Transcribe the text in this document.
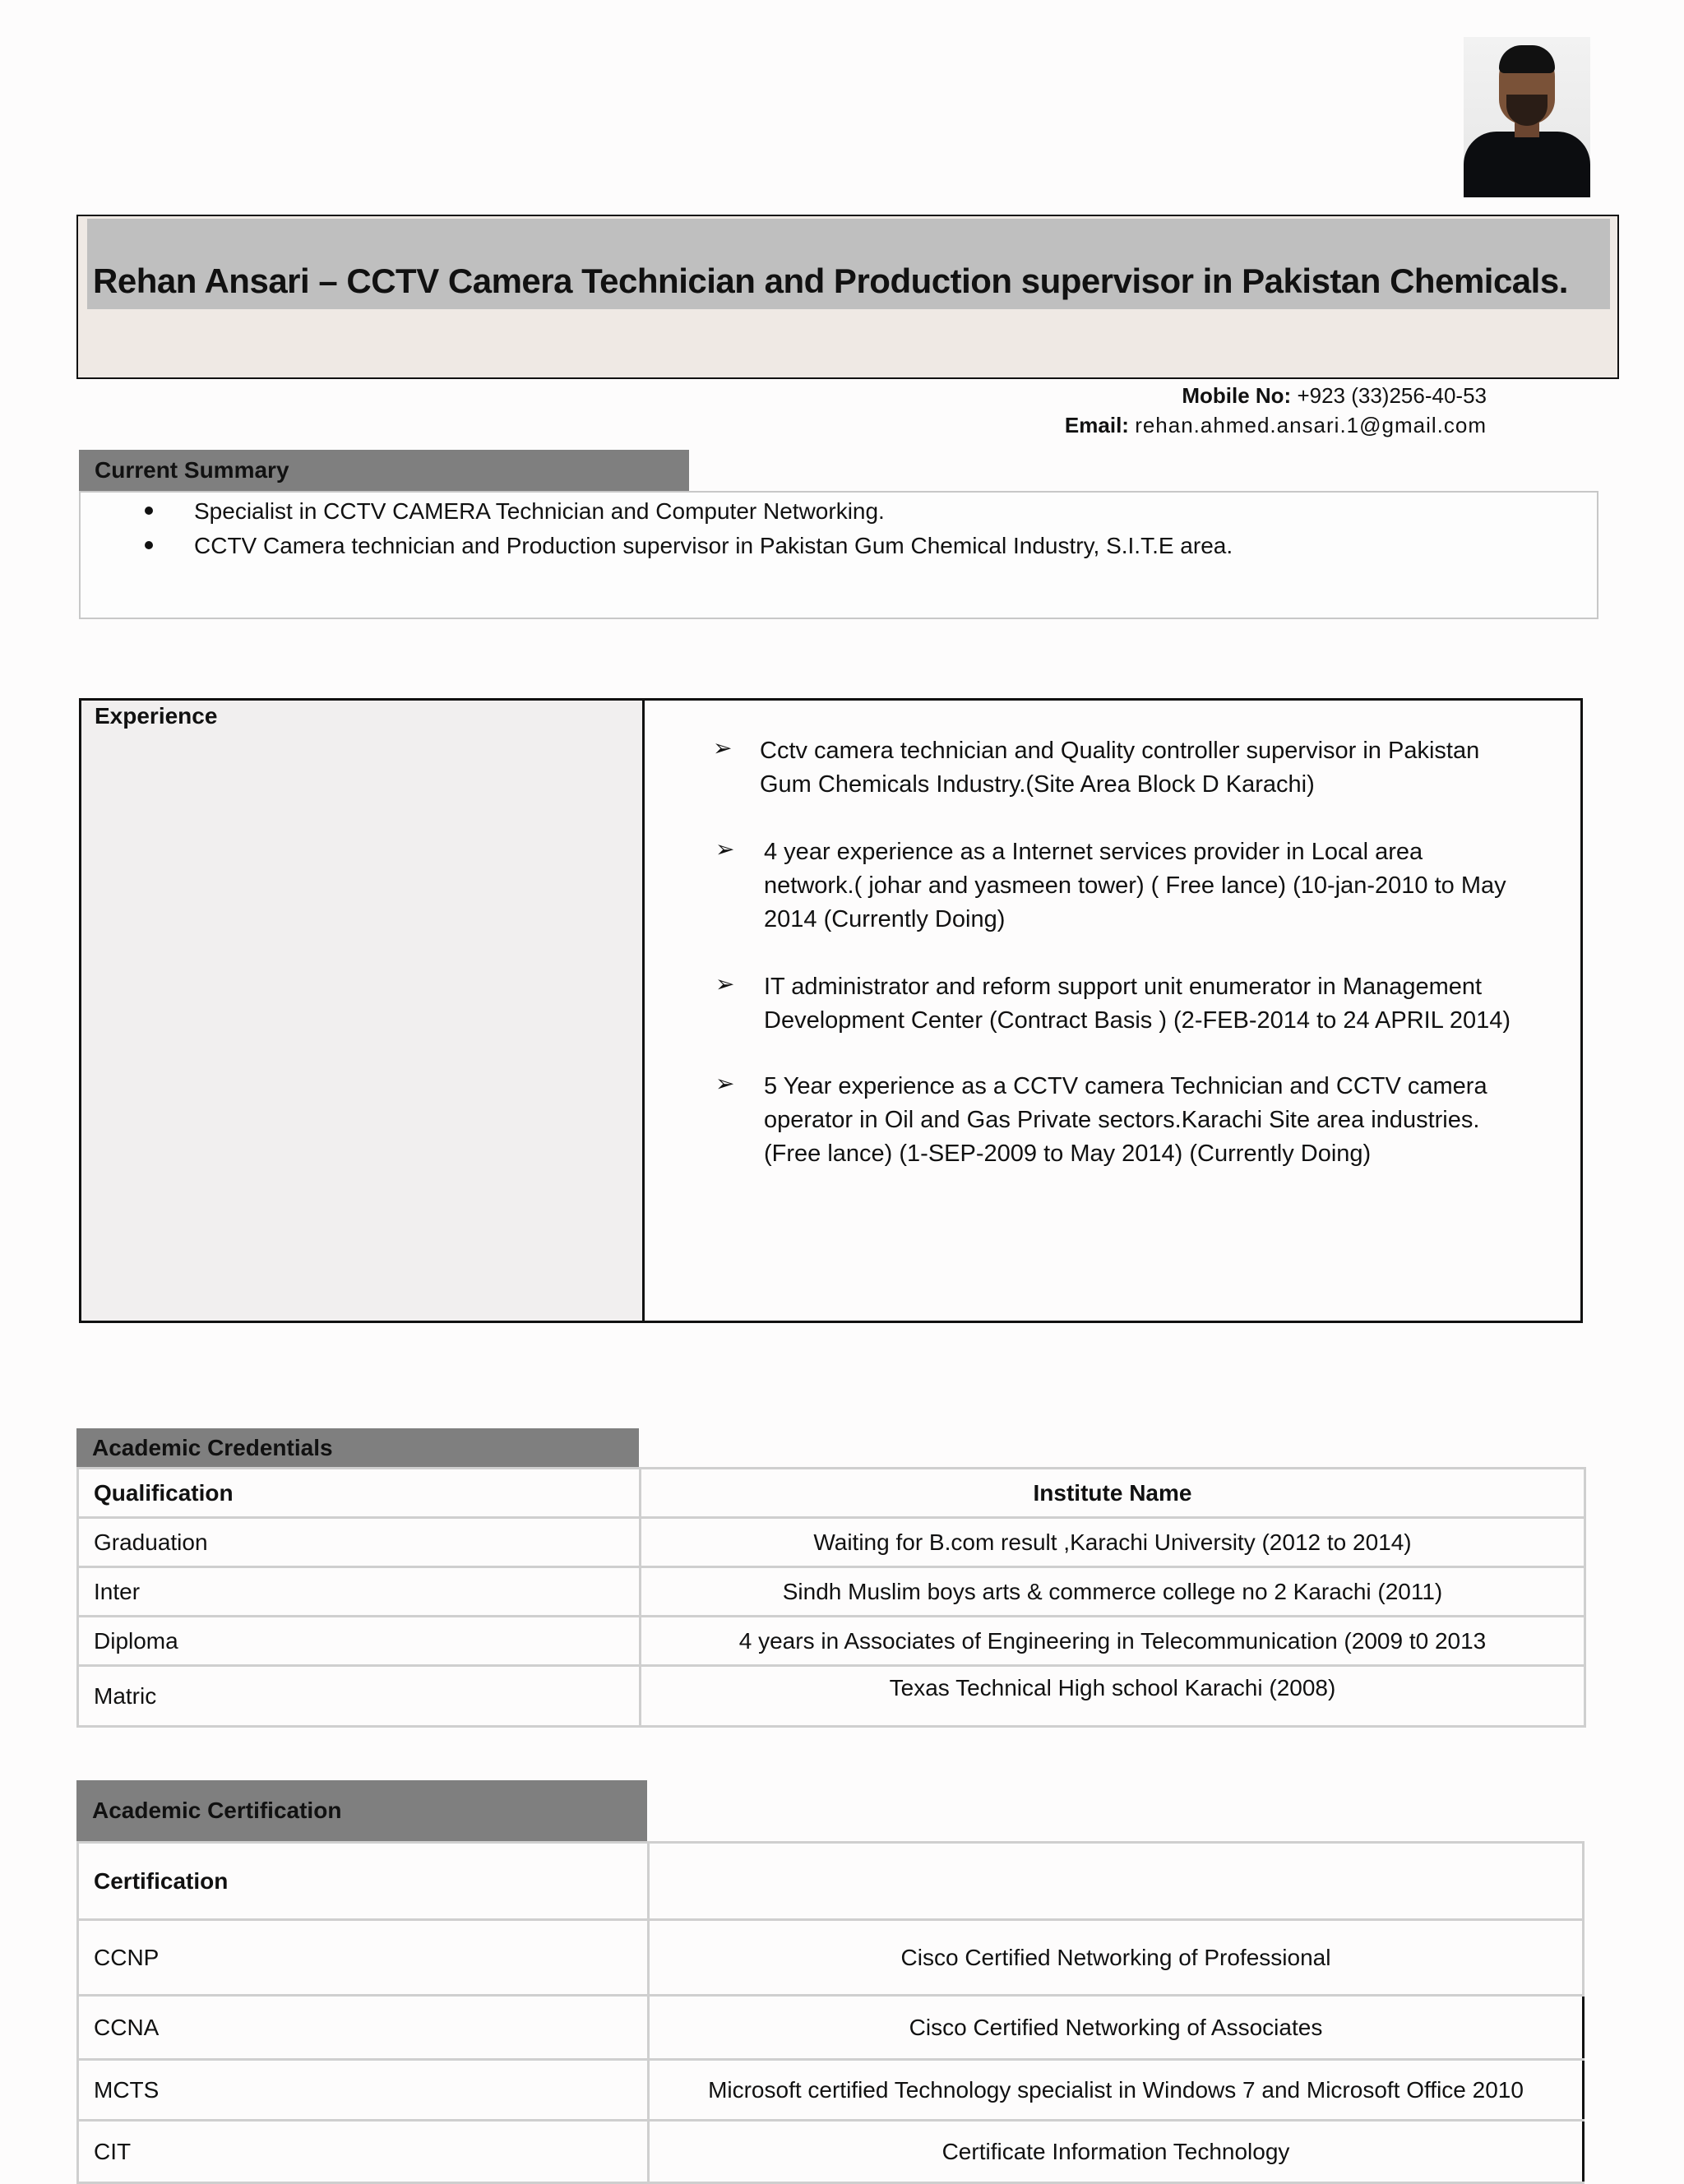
Rehan Ansari – CCTV Camera Technician and Production supervisor in Pakistan Chemicals.
Mobile No: +923 (33)256-40-53
Email: rehan.ahmed.ansari.1@gmail.com
Current Summary
Specialist in CCTV CAMERA Technician and Computer Networking.
CCTV Camera technician and Production supervisor in Pakistan Gum Chemical Industry, S.I.T.E area.
Experience
➢ Cctv camera technician and Quality controller supervisor in Pakistan
Gum Chemicals Industry.(Site Area Block D Karachi)
➢ 4 year experience as a Internet services provider in Local area
network.( johar and yasmeen tower) ( Free lance) (10-jan-2010 to May
2014 (Currently Doing)
➢ IT administrator and reform support unit enumerator in Management
Development Center (Contract Basis ) (2-FEB-2014 to 24 APRIL 2014)
➢ 5 Year experience as a CCTV camera Technician and CCTV camera
operator in Oil and Gas Private sectors.Karachi Site area industries.
(Free lance) (1-SEP-2009 to May 2014) (Currently Doing)
Academic Credentials
Qualification	Institute Name
Graduation	Waiting for B.com result ,Karachi University (2012 to 2014)
Inter	Sindh Muslim boys arts & commerce college no 2 Karachi (2011)
Diploma	4 years in Associates of Engineering in Telecommunication (2009 t0 2013
Matric	Texas Technical High school Karachi (2008)
Academic Certification
Certification	
CCNP	Cisco Certified Networking of Professional
CCNA	Cisco Certified Networking of Associates
MCTS	Microsoft certified Technology specialist in Windows 7 and Microsoft Office 2010
CIT	Certificate Information Technology
